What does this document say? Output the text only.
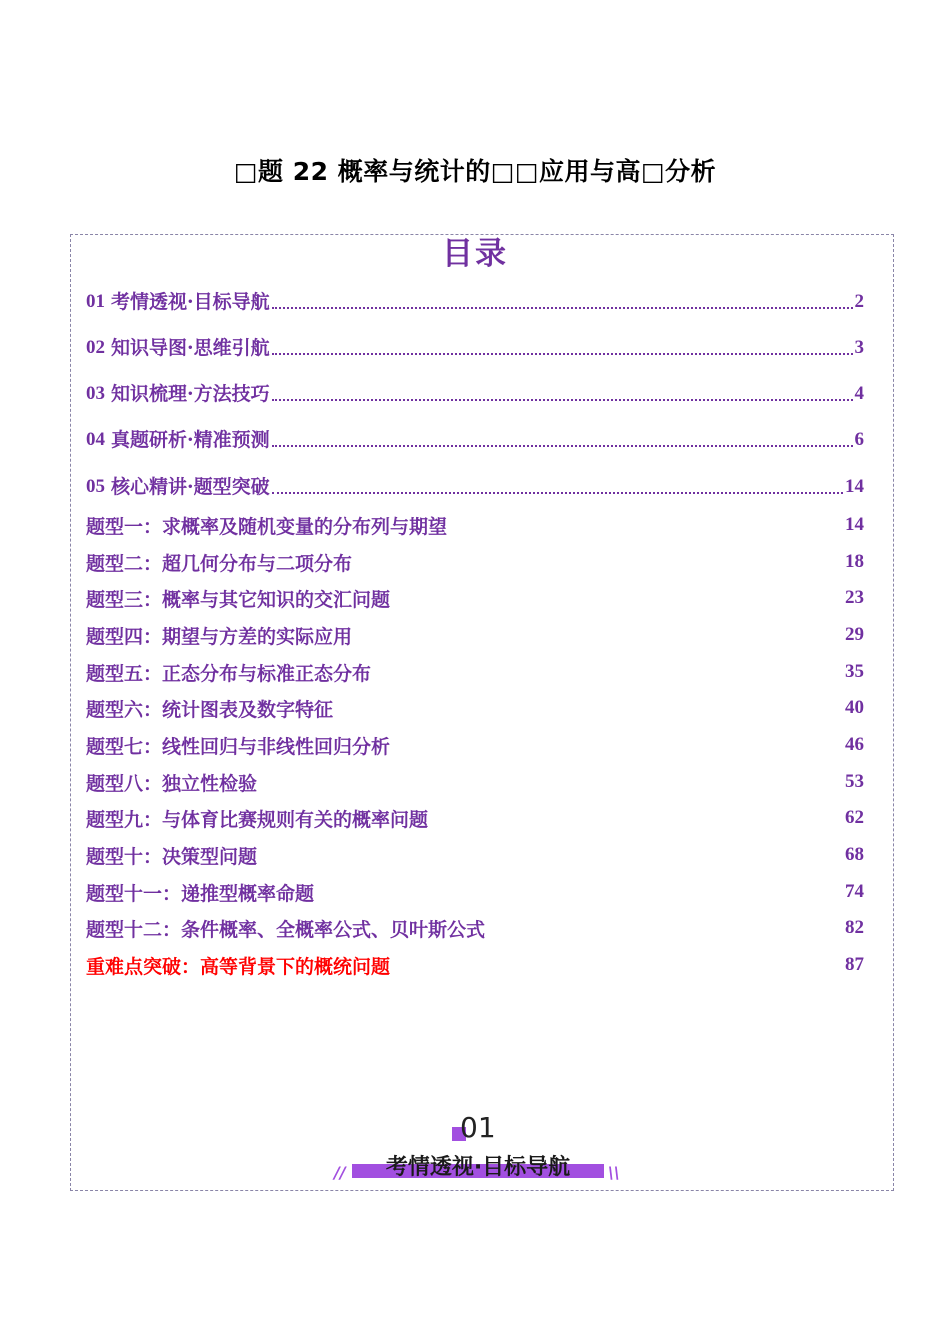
□题 22 概率与统计的□□应用与高□分析
目录
01 考情透视·目标导航	2
02 知识导图·思维引航	3
03 知识梳理·方法技巧	4
04 真题研析·精准预测	6
05 核心精讲·题型突破	14
题型一：求概率及随机变量的分布列与期望	14
题型二：超几何分布与二项分布	18
题型三：概率与其它知识的交汇问题	23
题型四：期望与方差的实际应用	29
题型五：正态分布与标准正态分布	35
题型六：统计图表及数字特征	40
题型七：线性回归与非线性回归分析	46
题型八：独立性检验	53
题型九：与体育比赛规则有关的概率问题	62
题型十：决策型问题	68
题型十一：递推型概率命题	74
题型十二：条件概率、全概率公式、贝叶斯公式	82
重难点突破：高等背景下的概统问题	87
01
考情透视·目标导航
//	\\
